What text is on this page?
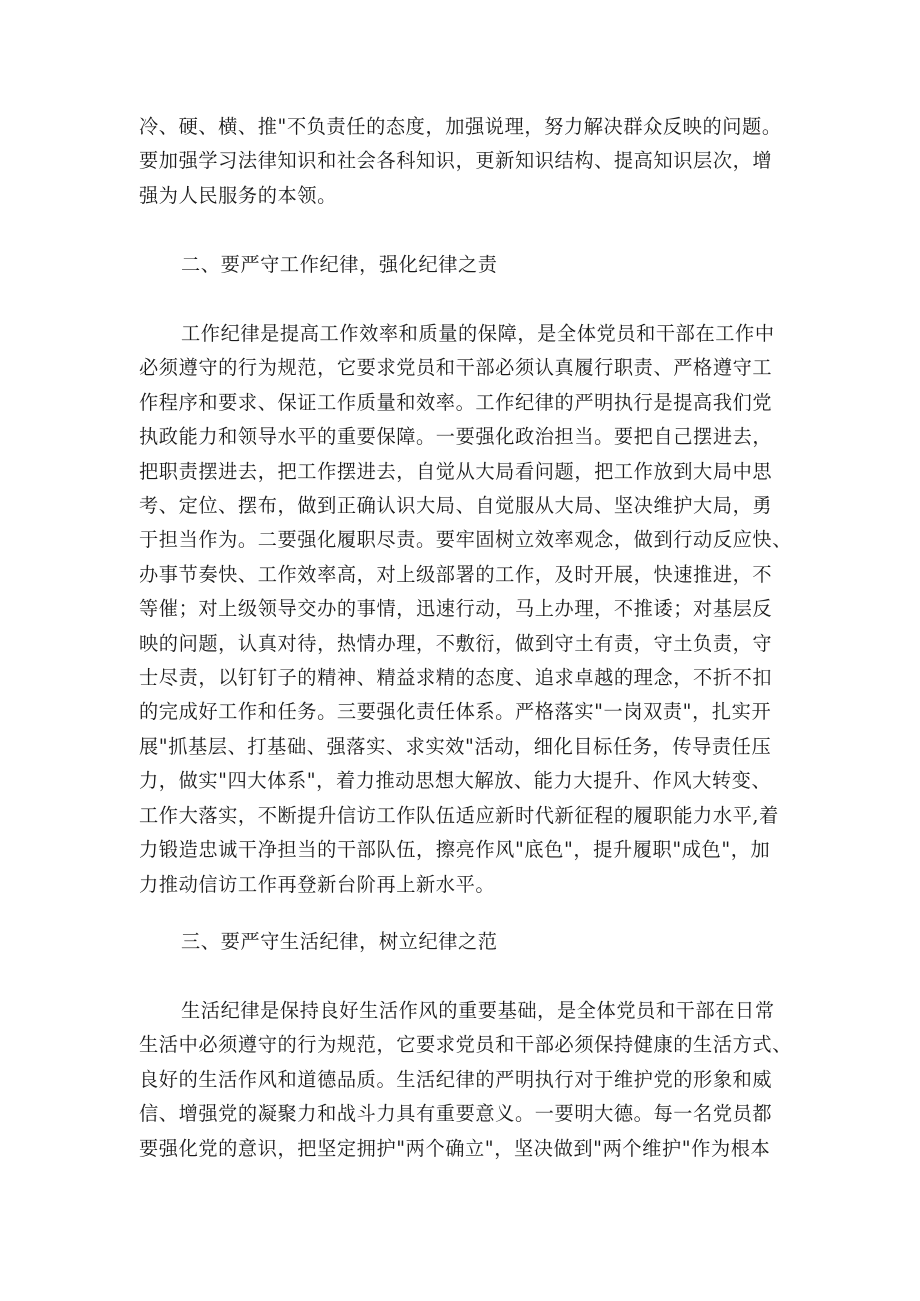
冷、硬、横、推"不负责任的态度，加强说理，努力解决群众反映的问题。
要加强学习法律知识和社会各科知识，更新知识结构、提高知识层次，增
强为人民服务的本领。
二、要严守工作纪律，强化纪律之责
工作纪律是提高工作效率和质量的保障，是全体党员和干部在工作中
必须遵守的行为规范，它要求党员和干部必须认真履行职责、严格遵守工
作程序和要求、保证工作质量和效率。工作纪律的严明执行是提高我们党
执政能力和领导水平的重要保障。一要强化政治担当。要把自己摆进去，
把职责摆进去，把工作摆进去，自觉从大局看问题，把工作放到大局中思
考、定位、摆布，做到正确认识大局、自觉服从大局、坚决维护大局，勇
于担当作为。二要强化履职尽责。要牢固树立效率观念，做到行动反应快、
办事节奏快、工作效率高，对上级部署的工作，及时开展，快速推进，不
等催；对上级领导交办的事情，迅速行动，马上办理，不推诿；对基层反
映的问题，认真对待，热情办理，不敷衍，做到守土有责，守土负责，守
士尽责，以钉钉子的精神、精益求精的态度、追求卓越的理念，不折不扣
的完成好工作和任务。三要强化责任体系。严格落实"一岗双责"，扎实开
展"抓基层、打基础、强落实、求实效"活动，细化目标任务，传导责任压
力，做实"四大体系"，着力推动思想大解放、能力大提升、作风大转变、
工作大落实，不断提升信访工作队伍适应新时代新征程的履职能力水平,着
力锻造忠诚干净担当的干部队伍，擦亮作风"底色"，提升履职"成色"，加
力推动信访工作再登新台阶再上新水平。
三、要严守生活纪律，树立纪律之范
生活纪律是保持良好生活作风的重要基础，是全体党员和干部在日常
生活中必须遵守的行为规范，它要求党员和干部必须保持健康的生活方式、
良好的生活作风和道德品质。生活纪律的严明执行对于维护党的形象和威
信、增强党的凝聚力和战斗力具有重要意义。一要明大德。每一名党员都
要强化党的意识，把坚定拥护"两个确立"，坚决做到"两个维护"作为根本
